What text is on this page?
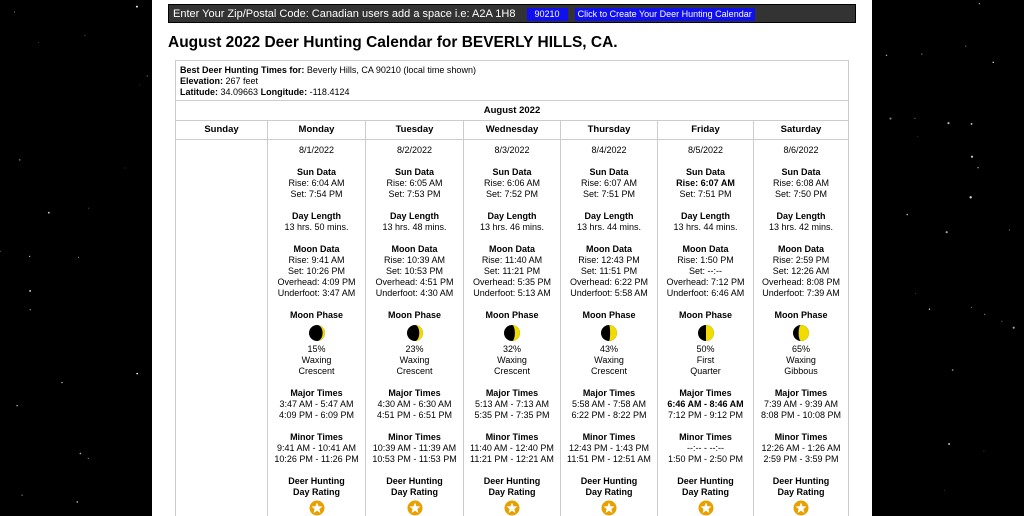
Enter Your Zip/Postal Code: Canadian users add a space i.e: A2A 1H8 90210 Click to Create Your Deer Hunting Calendar
August 2022 Deer Hunting Calendar for BEVERLY HILLS, CA.
Best Deer Hunting Times for: Beverly Hills, CA 90210 (local time shown)
Elevation: 267 feet
Latitude: 34.09663 Longitude: -118.4124
August 2022
Sunday	Monday
8/1/2022
Sun Data
Rise: 6:04 AM
Set: 7:54 PM
Day Length
13 hrs. 50 mins.
Moon Data
Rise: 9:41 AM
Set: 10:26 PM
Overhead: 4:09 PM
Underfoot: 3:47 AM
Moon Phase
15%
Waxing
Crescent
Major Times
3:47 AM - 5:47 AM
4:09 PM - 6:09 PM
Minor Times
9:41 AM - 10:41 AM
10:26 PM - 11:26 PM
Deer Hunting
Day Rating
Tuesday
8/2/2022
Sun Data
Rise: 6:05 AM
Set: 7:53 PM
Day Length
13 hrs. 48 mins.
Moon Data
Rise: 10:39 AM
Set: 10:53 PM
Overhead: 4:51 PM
Underfoot: 4:30 AM
Moon Phase
23%
Waxing
Crescent
Major Times
4:30 AM - 6:30 AM
4:51 PM - 6:51 PM
Minor Times
10:39 AM - 11:39 AM
10:53 PM - 11:53 PM
Deer Hunting
Day Rating
Wednesday
8/3/2022
Sun Data
Rise: 6:06 AM
Set: 7:52 PM
Day Length
13 hrs. 46 mins.
Moon Data
Rise: 11:40 AM
Set: 11:21 PM
Overhead: 5:35 PM
Underfoot: 5:13 AM
Moon Phase
32%
Waxing
Crescent
Major Times
5:13 AM - 7:13 AM
5:35 PM - 7:35 PM
Minor Times
11:40 AM - 12:40 PM
11:21 PM - 12:21 AM
Deer Hunting
Day Rating
Thursday
8/4/2022
Sun Data
Rise: 6:07 AM
Set: 7:51 PM
Day Length
13 hrs. 44 mins.
Moon Data
Rise: 12:43 PM
Set: 11:51 PM
Overhead: 6:22 PM
Underfoot: 5:58 AM
Moon Phase
43%
Waxing
Crescent
Major Times
5:58 AM - 7:58 AM
6:22 PM - 8:22 PM
Minor Times
12:43 PM - 1:43 PM
11:51 PM - 12:51 AM
Deer Hunting
Day Rating
Friday
8/5/2022
Sun Data
Rise: 6:07 AM
Set: 7:51 PM
Day Length
13 hrs. 44 mins.
Moon Data
Rise: 1:50 PM
Set: --:--
Overhead: 7:12 PM
Underfoot: 6:46 AM
Moon Phase
50%
First
Quarter
Major Times
6:46 AM - 8:46 AM
7:12 PM - 9:12 PM
Minor Times
--:-- - --:--
1:50 PM - 2:50 PM
Deer Hunting
Day Rating
Saturday
8/6/2022
Sun Data
Rise: 6:08 AM
Set: 7:50 PM
Day Length
13 hrs. 42 mins.
Moon Data
Rise: 2:59 PM
Set: 12:26 AM
Overhead: 8:08 PM
Underfoot: 7:39 AM
Moon Phase
65%
Waxing
Gibbous
Major Times
7:39 AM - 9:39 AM
8:08 PM - 10:08 PM
Minor Times
12:26 AM - 1:26 AM
2:59 PM - 3:59 PM
Deer Hunting
Day Rating
